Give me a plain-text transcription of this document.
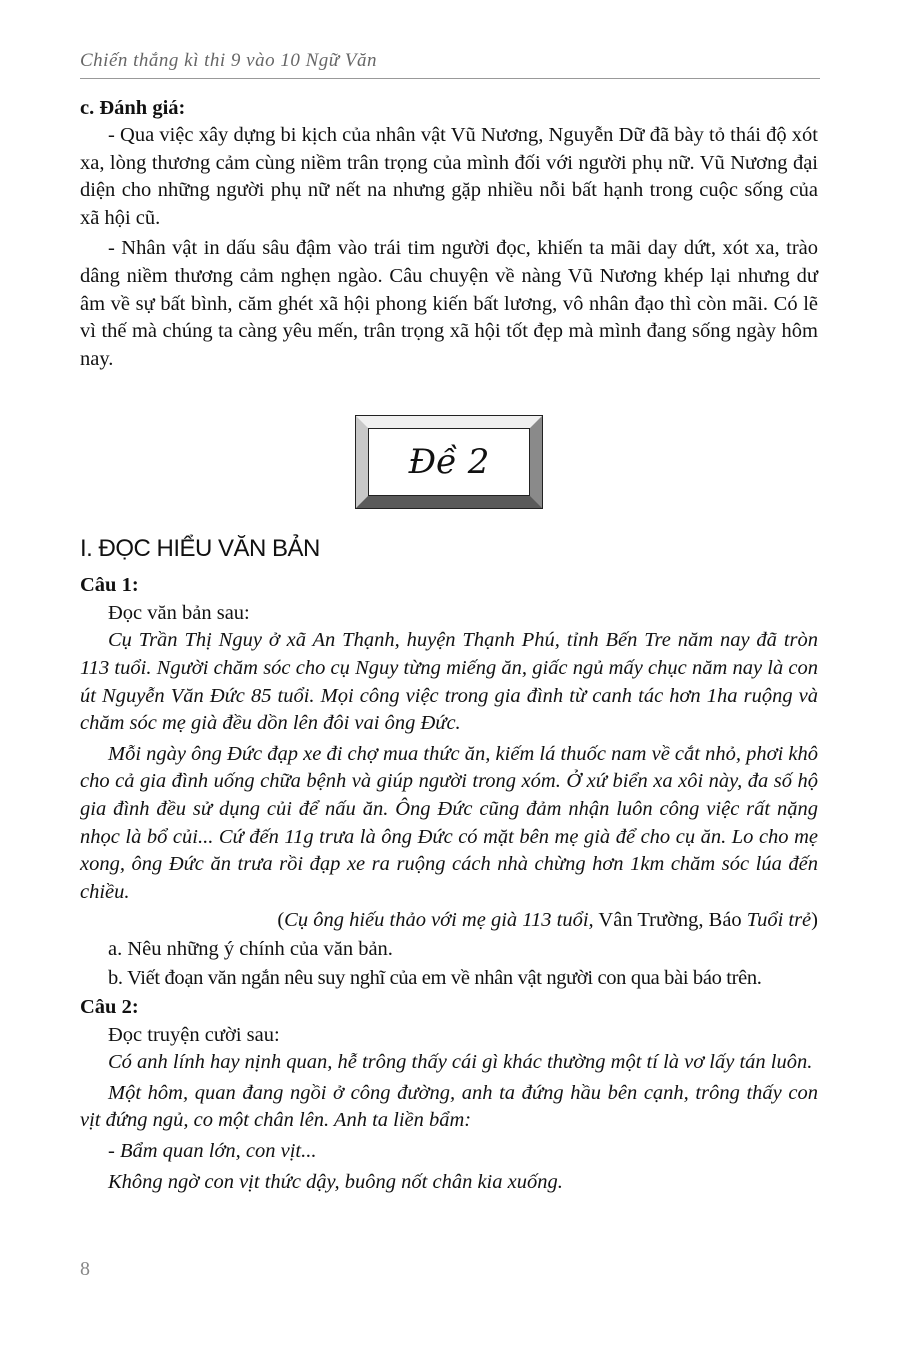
Chiến thắng kì thi 9 vào 10 Ngữ Văn
c. Đánh giá:

- Qua việc xây dựng bi kịch của nhân vật Vũ Nương, Nguyễn Dữ đã bày tỏ thái độ xót xa, lòng thương cảm cùng niềm trân trọng của mình đối với người phụ nữ. Vũ Nương đại diện cho những người phụ nữ nết na nhưng gặp nhiều nỗi bất hạnh trong cuộc sống của xã hội cũ.

- Nhân vật in dấu sâu đậm vào trái tim người đọc, khiến ta mãi day dứt, xót xa, trào dâng niềm thương cảm nghẹn ngào. Câu chuyện về nàng Vũ Nương khép lại nhưng dư âm về sự bất bình, căm ghét xã hội phong kiến bất lương, vô nhân đạo thì còn mãi. Có lẽ vì thế mà chúng ta càng yêu mến, trân trọng xã hội tốt đẹp mà mình đang sống ngày hôm nay.

Đề 2
I. ĐỌC HIỂU VĂN BẢN
Câu 1:
Đọc văn bản sau:

Cụ Trần Thị Nguy ở xã An Thạnh, huyện Thạnh Phú, tỉnh Bến Tre năm nay đã tròn 113 tuổi. Người chăm sóc cho cụ Nguy từng miếng ăn, giấc ngủ mấy chục năm nay là con út Nguyễn Văn Đức 85 tuổi. Mọi công việc trong gia đình từ canh tác hơn 1ha ruộng và chăm sóc mẹ già đều dồn lên đôi vai ông Đức.

Mỗi ngày ông Đức đạp xe đi chợ mua thức ăn, kiếm lá thuốc nam về cắt nhỏ, phơi khô cho cả gia đình uống chữa bệnh và giúp người trong xóm. Ở xứ biển xa xôi này, đa số hộ gia đình đều sử dụng củi để nấu ăn. Ông Đức cũng đảm nhận luôn công việc rất nặng nhọc là bổ củi... Cứ đến 11g trưa là ông Đức có mặt bên mẹ già để cho cụ ăn. Lo cho mẹ xong, ông Đức ăn trưa rồi đạp xe ra ruộng cách nhà chừng hơn 1km chăm sóc lúa đến chiều.

(Cụ ông hiếu thảo với mẹ già 113 tuổi, Vân Trường, Báo Tuổi trẻ)
a. Nêu những ý chính của văn bản.
b. Viết đoạn văn ngắn nêu suy nghĩ của em về nhân vật người con qua bài báo trên.
Câu 2:
Đọc truyện cười sau:

Có anh lính hay nịnh quan, hễ trông thấy cái gì khác thường một tí là vơ lấy tán luôn.

Một hôm, quan đang ngồi ở công đường, anh ta đứng hầu bên cạnh, trông thấy con vịt đứng ngủ, co một chân lên. Anh ta liền bẩm:

- Bẩm quan lớn, con vịt...

Không ngờ con vịt thức dậy, buông nốt chân kia xuống.

8
